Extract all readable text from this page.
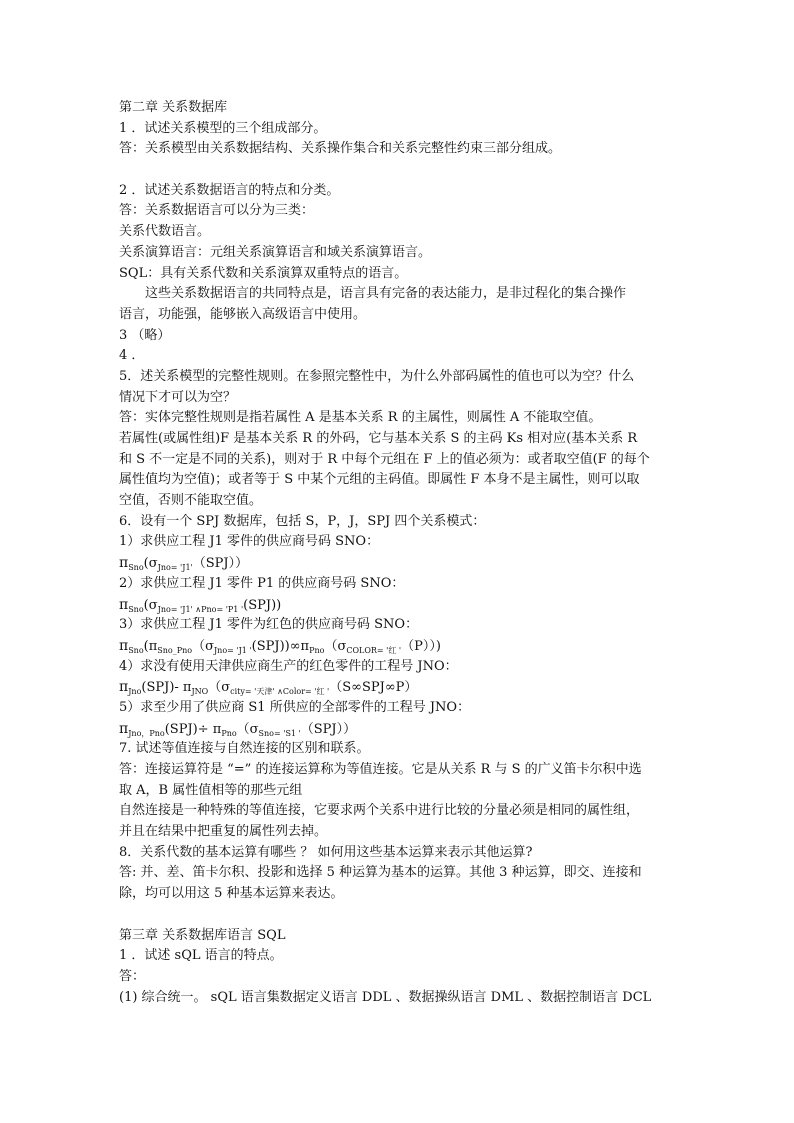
第二章 关系数据库
1 ．试述关系模型的三个组成部分。
答：关系模型由关系数据结构、关系操作集合和关系完整性约束三部分组成。
2 ．试述关系数据语言的特点和分类。
答：关系数据语言可以分为三类：
关系代数语言。
关系演算语言：元组关系演算语言和域关系演算语言。
SQL：具有关系代数和关系演算双重特点的语言。
这些关系数据语言的共同特点是，语言具有完备的表达能力，是非过程化的集合操作
语言，功能强，能够嵌入高级语言中使用。
3 （略）
4 ．
5．述关系模型的完整性规则。在参照完整性中，为什么外部码属性的值也可以为空？什么
情况下才可以为空？
答：实体完整性规则是指若属性 A 是基本关系 R 的主属性，则属性 A 不能取空值。
若属性(或属性组)F 是基本关系 R 的外码，它与基本关系 S 的主码 Ks 相对应(基本关系 R
和 S 不一定是不同的关系)，则对于 R 中每个元组在 F 上的值必须为：或者取空值(F 的每个
属性值均为空值)；或者等于 S 中某个元组的主码值。即属性 F 本身不是主属性，则可以取
空值，否则不能取空值。
6．设有一个 SPJ 数据库，包括 S，P，J，SPJ 四个关系模式：
1）求供应工程 J1 零件的供应商号码 SNO：
$\pi_{Sno}(\sigma_{Jno= 'J1'}(SPJ))$
2）求供应工程 J1 零件 P1 的供应商号码 SNO：
$\pi_{Sno}(\sigma_{Jno= 'J1' \wedge Pno= 'P1 '}(SPJ))$
3）求供应工程 J1 零件为红色的供应商号码 SNO：
$\pi_{Sno}(\pi_{Sno\_Pno}(\sigma_{Jno= 'J1 '}(SPJ))\infty\pi_{Pno}(\sigma_{COLOR= '红 '}(P)))$
4）求没有使用天津供应商生产的红色零件的工程号 JNO：
$\pi_{Jno}(SPJ)-$ $\pi_{JNO}(\sigma_{city= '天津' \wedge Color= '红 '}(S\infty SPJ\infty P)$
5）求至少用了供应商 S1 所供应的全部零件的工程号 JNO：
$\pi_{Jno,Pno}(SPJ)\div \pi_{Pno}(\sigma_{Sno= 'S1 '}(SPJ))$
7. 试述等值连接与自然连接的区别和联系。
答：连接运算符是 “=” 的连接运算称为等值连接。它是从关系 R 与 S 的广义笛卡尔积中选
取 A，B 属性值相等的那些元组
自然连接是一种特殊的等值连接，它要求两个关系中进行比较的分量必须是相同的属性组，
并且在结果中把重复的属性列去掉。
8．关系代数的基本运算有哪些 ？ 如何用这些基本运算来表示其他运算?
答: 并、差、笛卡尔积、投影和选择 5 种运算为基本的运算。其他 3 种运算，即交、连接和
除，均可以用这 5 种基本运算来表达。
第三章 关系数据库语言 SQL
1 ．试述 sQL 语言的特点。
答：
(1) 综合统一。 sQL 语言集数据定义语言 DDL 、数据操纵语言 DML 、数据控制语言 DCL
